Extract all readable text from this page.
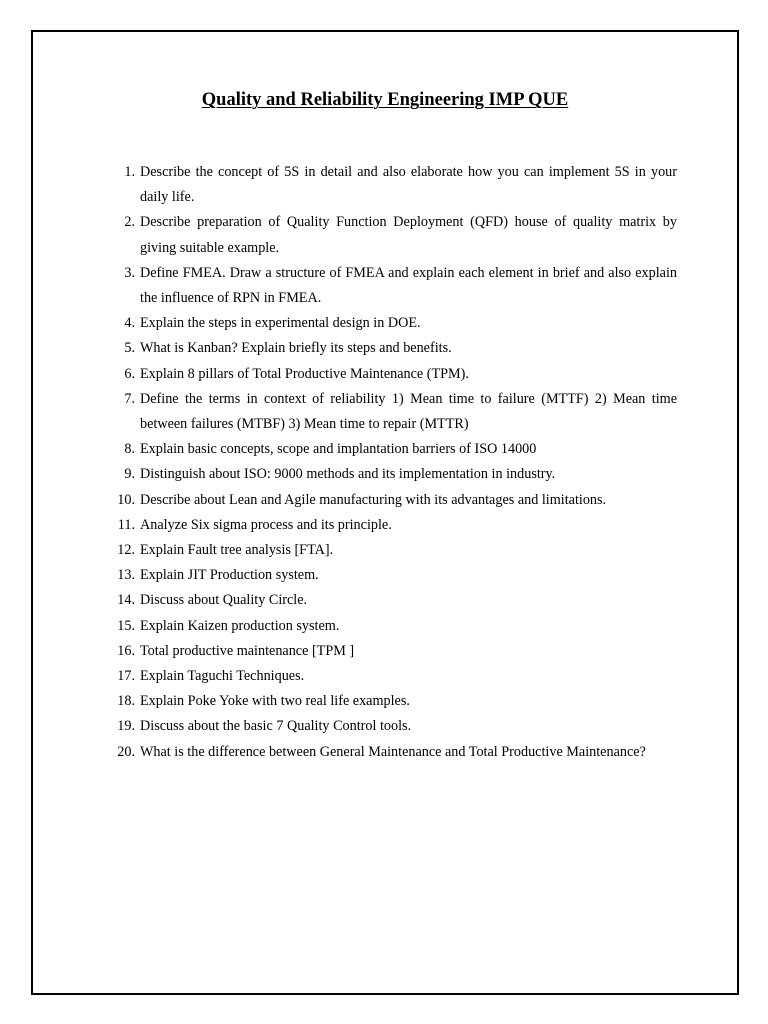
Quality and Reliability Engineering IMP QUE
1. Describe the concept of 5S in detail and also elaborate how you can implement 5S in your daily life.
2. Describe preparation of Quality Function Deployment (QFD) house of quality matrix by giving suitable example.
3. Define FMEA. Draw a structure of FMEA and explain each element in brief and also explain the influence of RPN in FMEA.
4. Explain the steps in experimental design in DOE.
5. What is Kanban? Explain briefly its steps and benefits.
6. Explain 8 pillars of Total Productive Maintenance (TPM).
7. Define the terms in context of reliability 1) Mean time to failure (MTTF) 2) Mean time between failures (MTBF) 3) Mean time to repair (MTTR)
8. Explain basic concepts, scope and implantation barriers of ISO 14000
9. Distinguish about ISO: 9000 methods and its implementation in industry.
10. Describe about Lean and Agile manufacturing with its advantages and limitations.
11. Analyze Six sigma process and its principle.
12. Explain Fault tree analysis [FTA].
13. Explain JIT Production system.
14. Discuss about Quality Circle.
15. Explain Kaizen production system.
16. Total productive maintenance [TPM ]
17. Explain Taguchi Techniques.
18. Explain Poke Yoke with two real life examples.
19. Discuss about the basic 7 Quality Control tools.
20. What is the difference between General Maintenance and Total Productive Maintenance?
